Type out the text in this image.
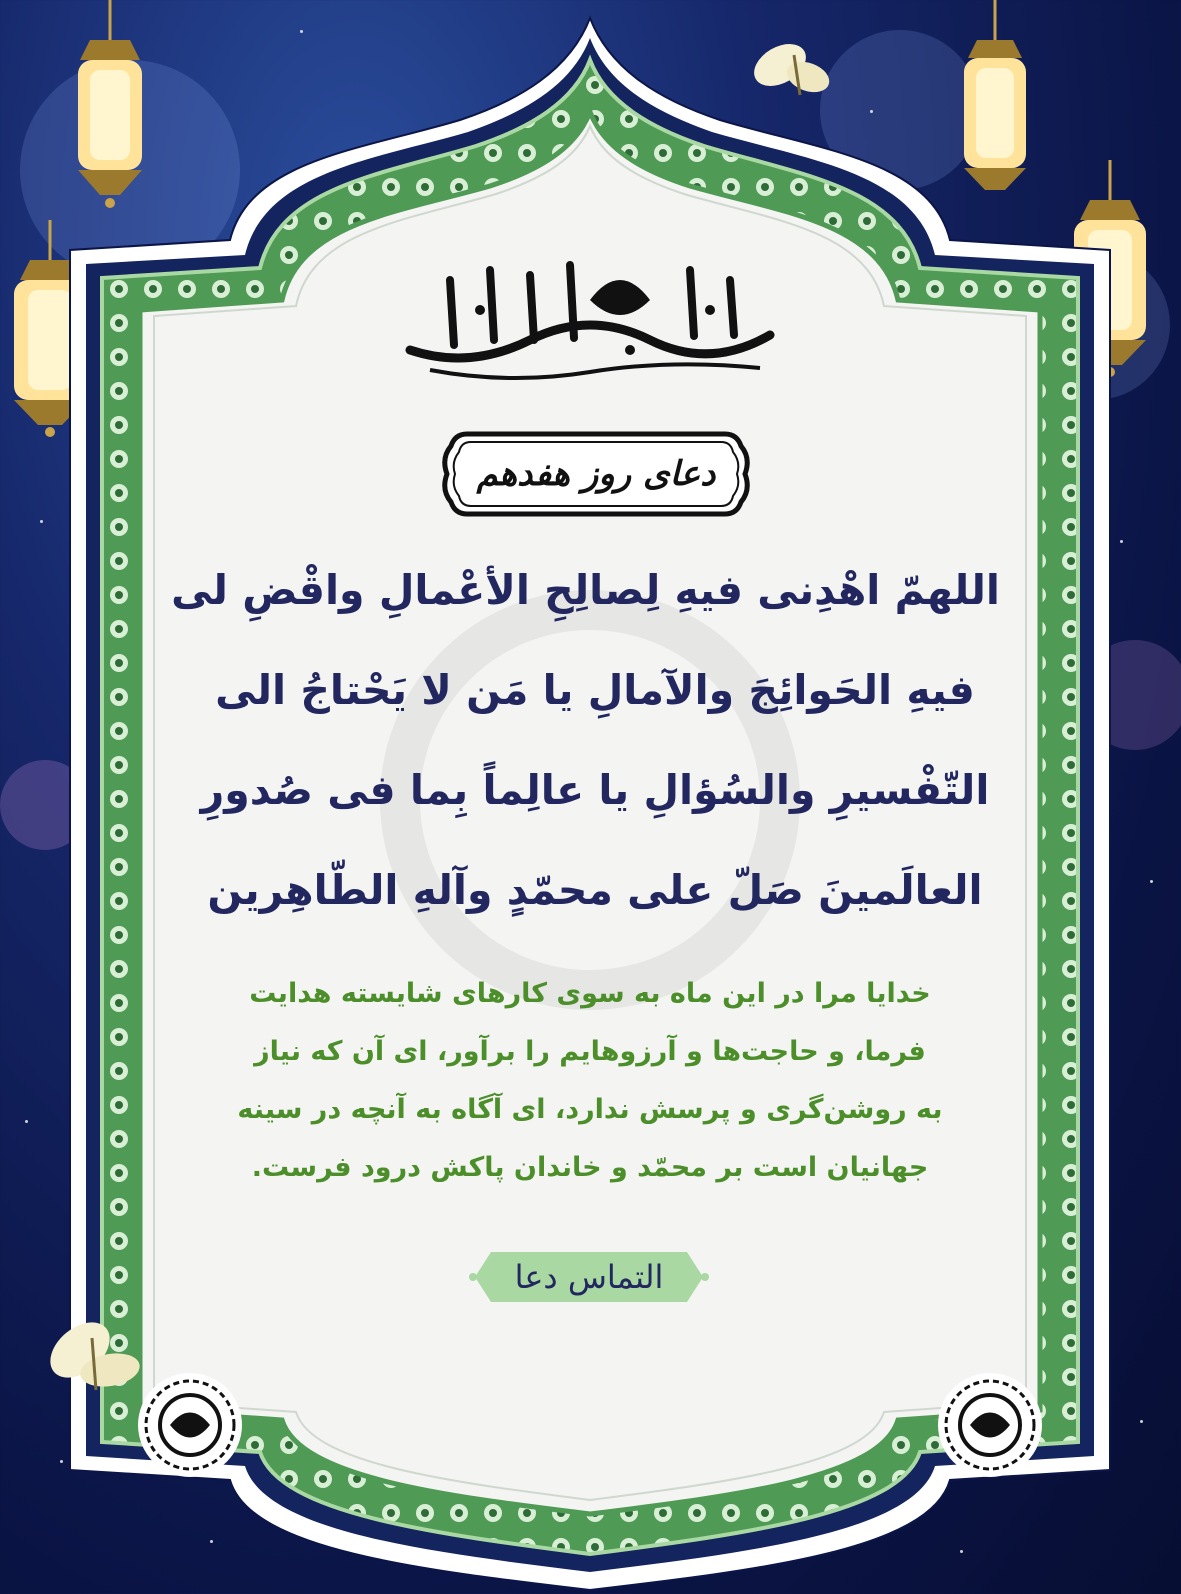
دعای روز هفدهم
اللهمّ اهْدِنی فیهِ لِصالِحِ الأعْمالِ واقْضِ لی
فیهِ الحَوائِجَ والآمالِ یا مَن لا یَحْتاجُ الی
التّفْسیرِ والسُؤالِ یا عالِماً بِما فی صُدورِ
العالَمینَ صَلّ علی محمّدٍ وآلهِ الطّاهِرین
خدایا مرا در این ماه به سوی کارهای شایسته هدایت
فرما، و حاجت‌ها و آرزوهایم را برآور، ای آن که نیاز
به روشن‌گری و پرسش ندارد، ای آگاه به آنچه در سینه
جهانیان است بر محمّد و خاندان پاکش درود فرست.
التماس دعا
